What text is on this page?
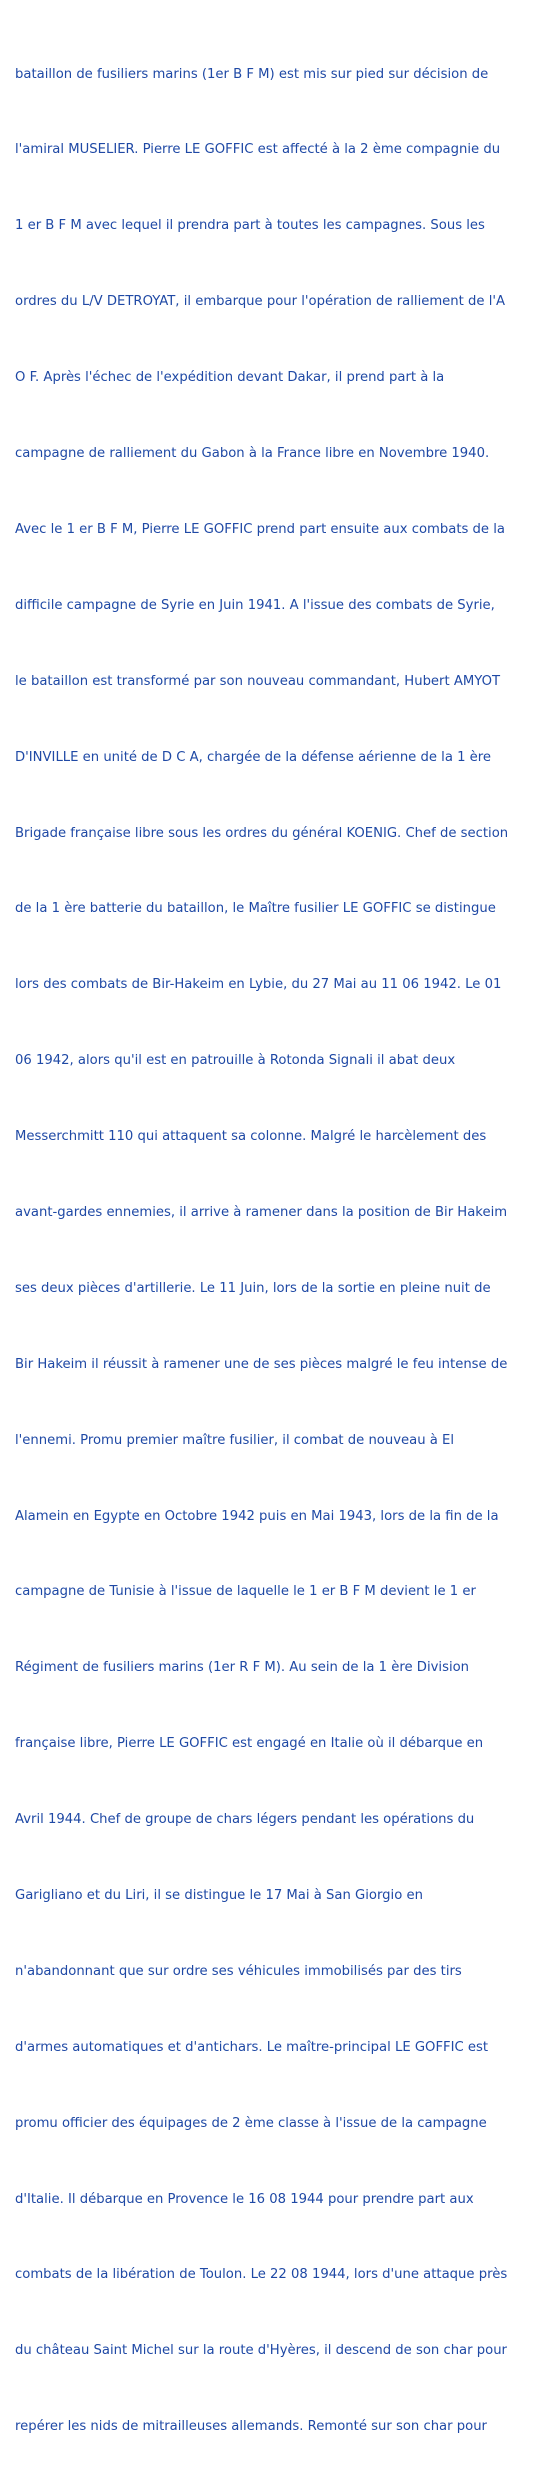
bataillon de fusiliers marins (1er B F M) est mis sur pied sur décision de

l'amiral MUSELIER. Pierre LE GOFFIC est affecté à la 2 ème compagnie du

1 er B F M avec lequel il prendra part à toutes les campagnes. Sous les

ordres du L/V DETROYAT, il embarque pour l'opération de ralliement de l'A

O F. Après l'échec de l'expédition devant Dakar, il prend part à la

campagne de ralliement du Gabon à la France libre en Novembre 1940.

Avec le 1 er B F M, Pierre LE GOFFIC prend part ensuite aux combats de la

difficile campagne de Syrie en Juin 1941. A l'issue des combats de Syrie,

le bataillon est transformé par son nouveau commandant, Hubert AMYOT

D'INVILLE en unité de D C A, chargée de la défense aérienne de la 1 ère

Brigade française libre sous les ordres du général KOENIG. Chef de section

de la 1 ère batterie du bataillon, le Maître fusilier LE GOFFIC se distingue

lors des combats de Bir-Hakeim en Lybie, du 27 Mai au 11 06 1942. Le 01

06 1942, alors qu'il est en patrouille à Rotonda Signali il abat deux

Messerchmitt 110 qui attaquent sa colonne. Malgré le harcèlement des

avant-gardes ennemies, il arrive à ramener dans la position de Bir Hakeim

ses deux pièces d'artillerie. Le 11 Juin, lors de la sortie en pleine nuit de

Bir Hakeim il réussit à ramener une de ses pièces malgré le feu intense de

l'ennemi. Promu premier maître fusilier, il combat de nouveau à El

Alamein en Egypte en Octobre 1942 puis en Mai 1943, lors de la fin de la

campagne de Tunisie à l'issue de laquelle le 1 er B F M devient le 1 er

Régiment de fusiliers marins (1er R F M). Au sein de la 1 ère Division

française libre, Pierre LE GOFFIC est engagé en Italie où il débarque en

Avril 1944. Chef de groupe de chars légers pendant les opérations du

Garigliano et du Liri, il se distingue le 17 Mai à San Giorgio en

n'abandonnant que sur ordre ses véhicules immobilisés par des tirs

d'armes automatiques et d'antichars. Le maître-principal LE GOFFIC est

promu officier des équipages de 2 ème classe à l'issue de la campagne

d'Italie. Il débarque en Provence le 16 08 1944 pour prendre part aux

combats de la libération de Toulon. Le 22 08 1944, lors d'une attaque près

du château Saint Michel sur la route d'Hyères, il descend de son char pour

repérer les nids de mitrailleuses allemands. Remonté sur son char pour
